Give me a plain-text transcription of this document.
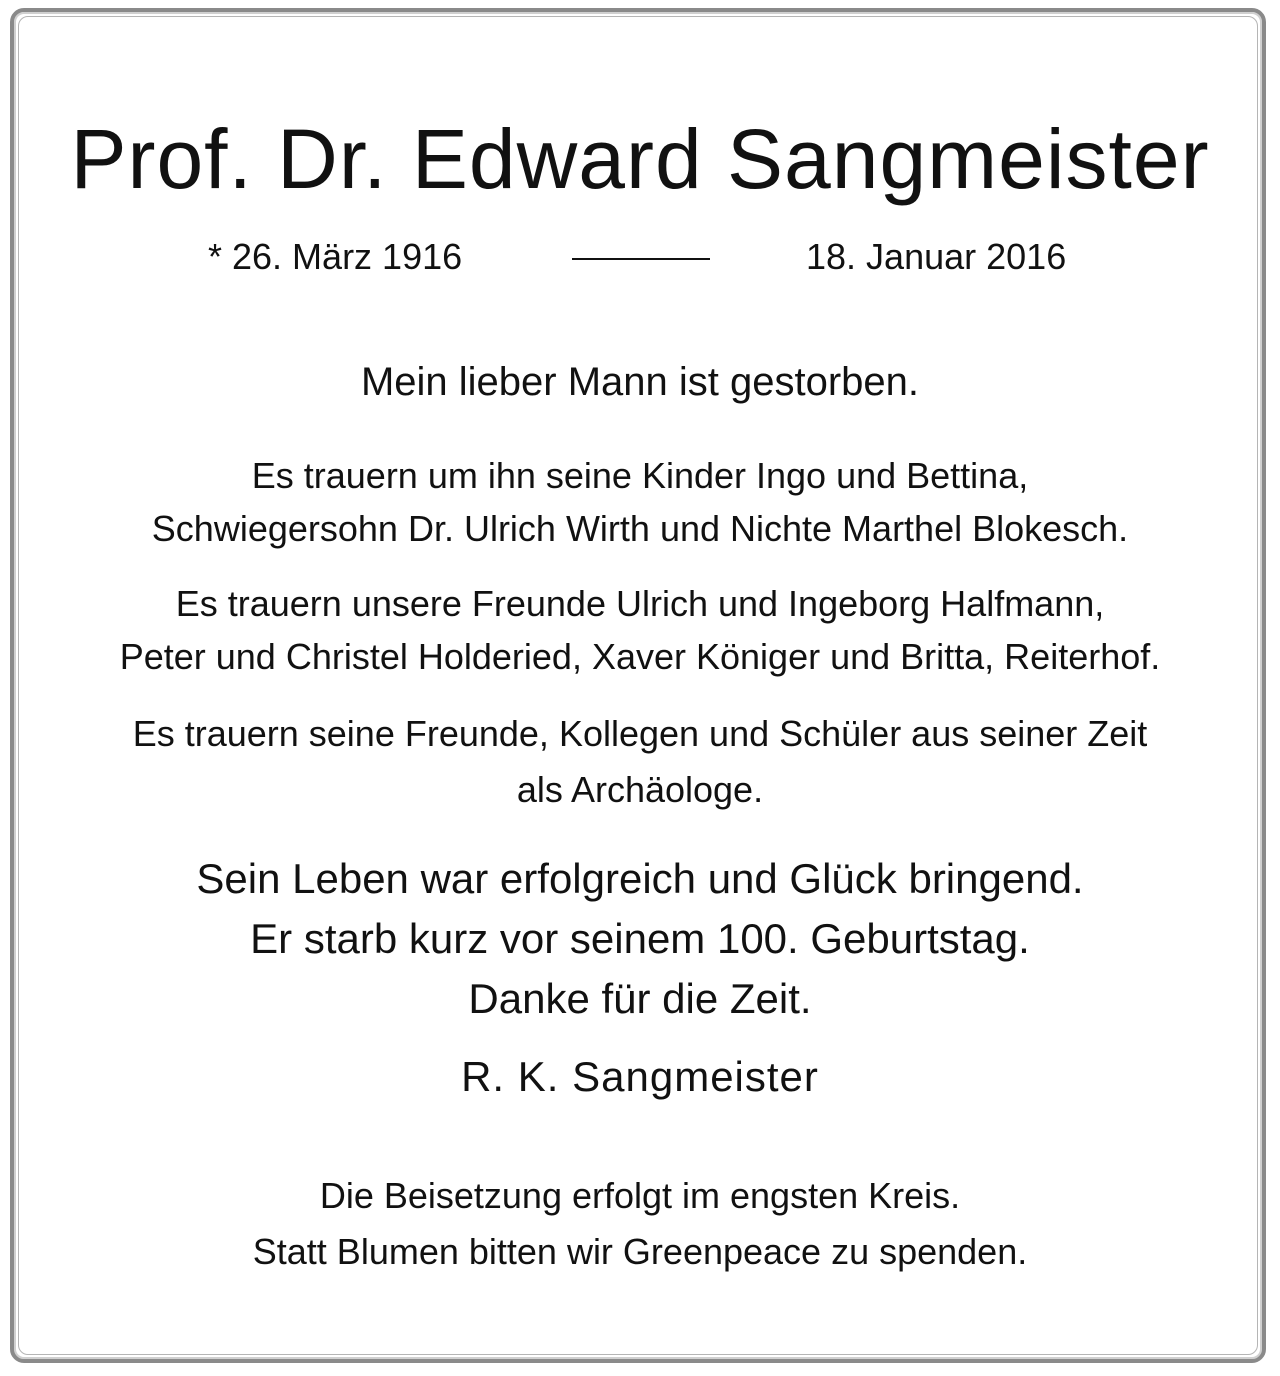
Prof. Dr. Edward Sangmeister
* 26. März 1916	18. Januar 2016
Mein lieber Mann ist gestorben.
Es trauern um ihn seine Kinder Ingo und Bettina,
Schwiegersohn Dr. Ulrich Wirth und Nichte Marthel Blokesch.
Es trauern unsere Freunde Ulrich und Ingeborg Halfmann,
Peter und Christel Holderied, Xaver Königer und Britta, Reiterhof.
Es trauern seine Freunde, Kollegen und Schüler aus seiner Zeit
als Archäologe.
Sein Leben war erfolgreich und Glück bringend.
Er starb kurz vor seinem 100. Geburtstag.
Danke für die Zeit.
R. K. Sangmeister
Die Beisetzung erfolgt im engsten Kreis.
Statt Blumen bitten wir Greenpeace zu spenden.
